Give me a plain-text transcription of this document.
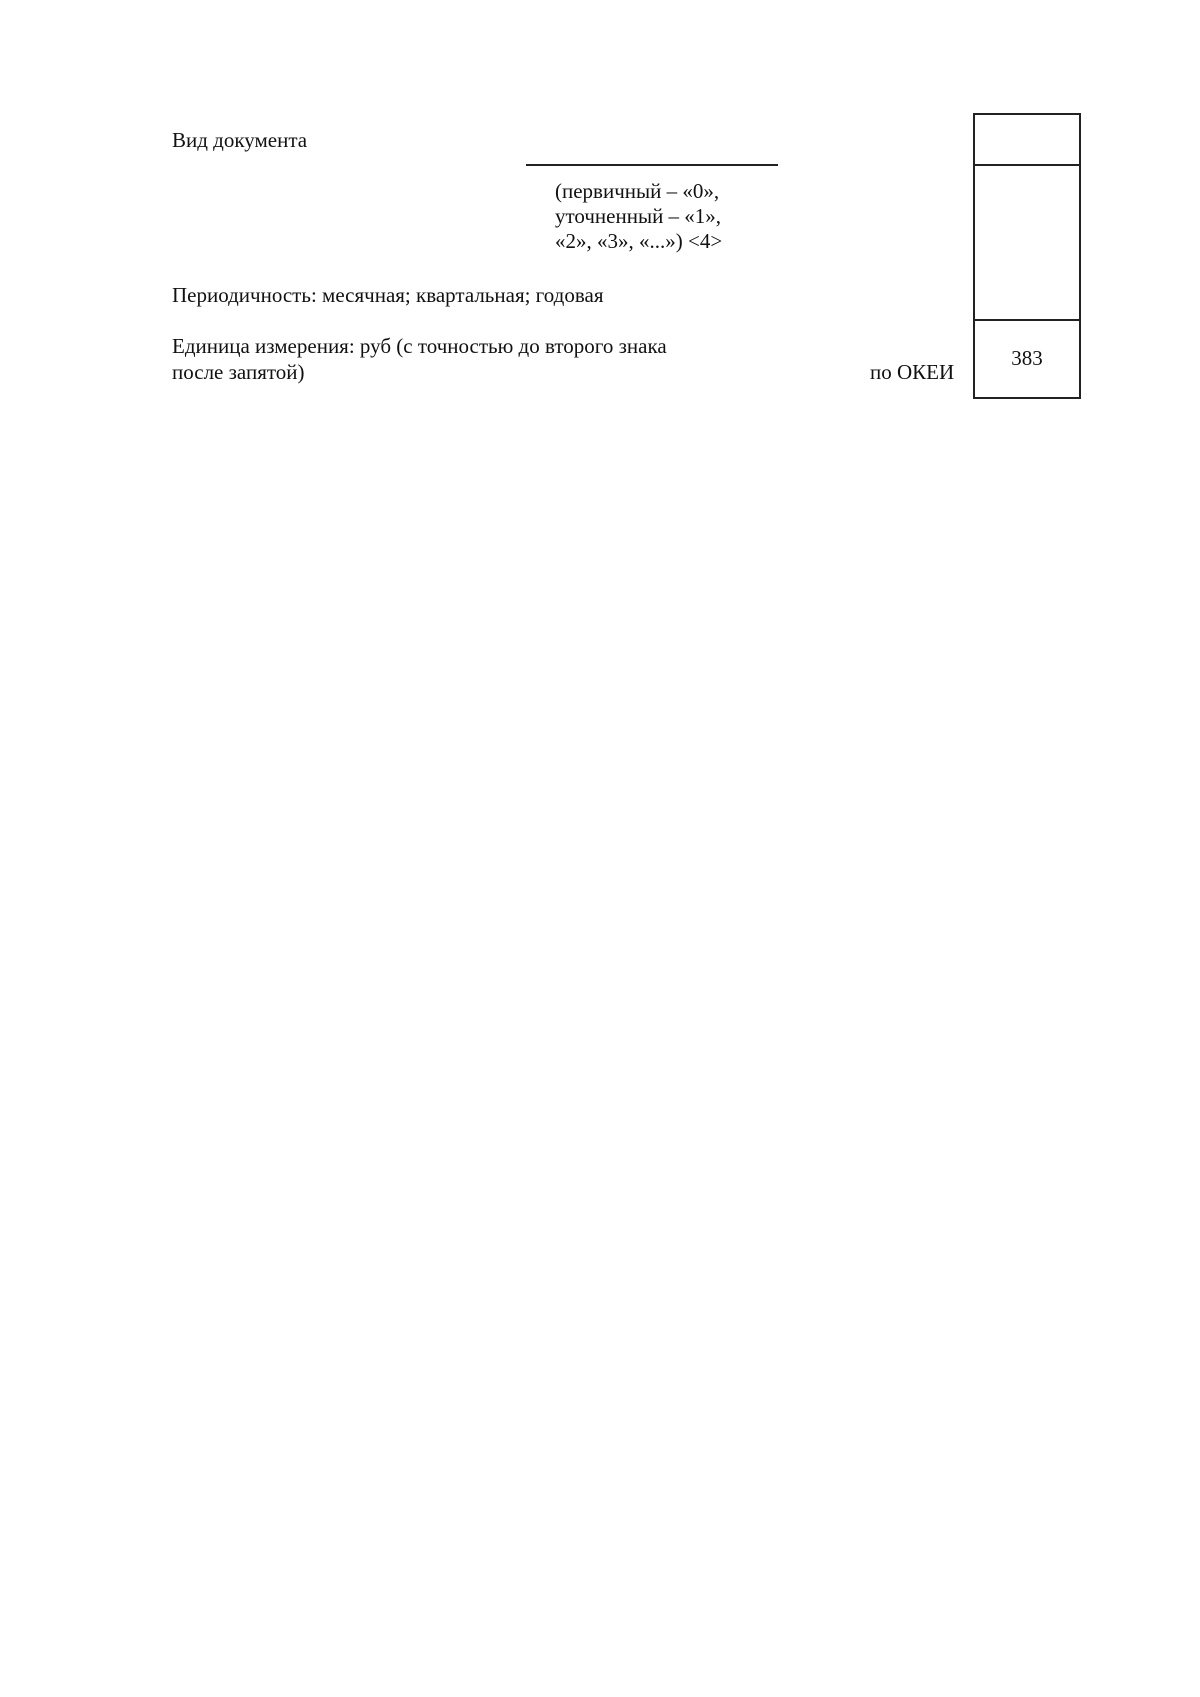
Вид документа
(первичный – «0»,
уточненный – «1»,
«2», «3», «...») <4>
Периодичность: месячная; квартальная; годовая
Единица измерения: руб (с точностью до второго знака
после запятой)	по ОКЕИ
383
